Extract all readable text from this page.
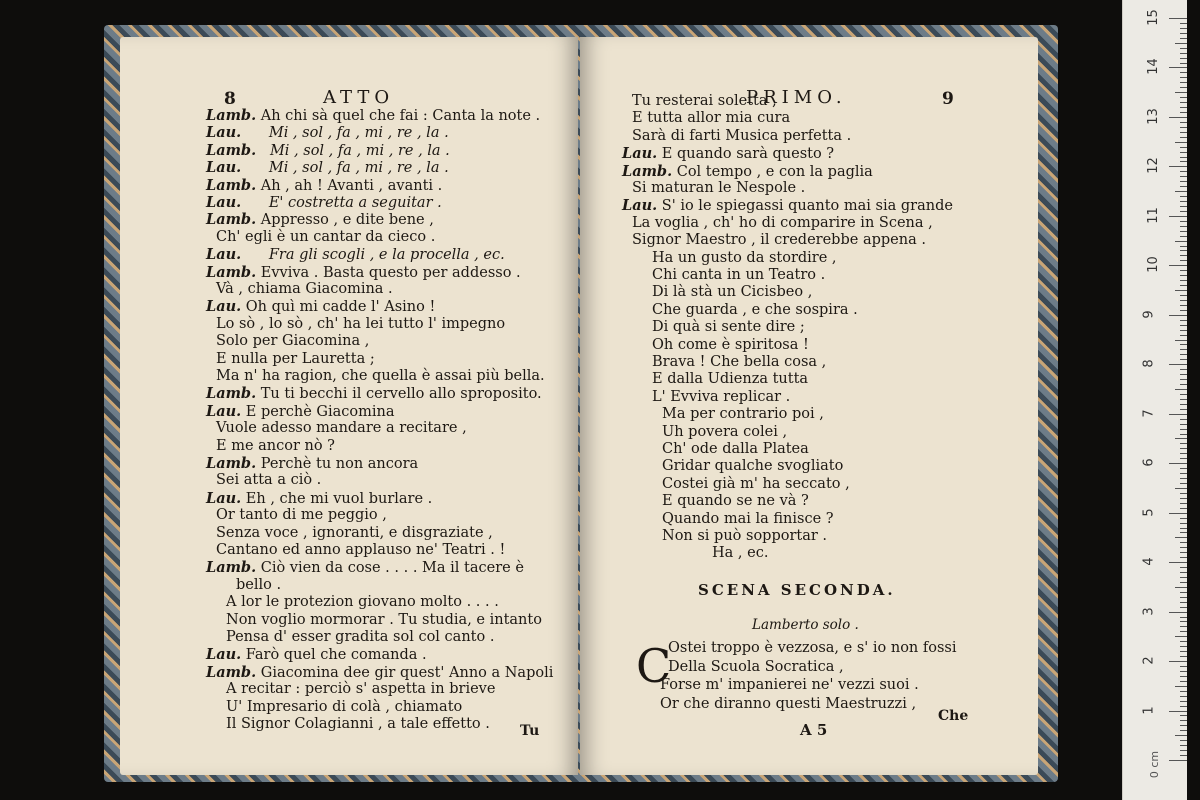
8	ATTO
Lamb. Ah chi sà quel che fai : Canta la note .
Lau.      Mi , sol , fa , mi , re , la .
Lamb.   Mi , sol , fa , mi , re , la .
Lau.      Mi , sol , fa , mi , re , la .
Lamb. Ah , ah ! Avanti , avanti .
Lau.      E' costretta a seguitar .
Lamb. Appresso , e dite bene ,
Ch' egli è un cantar da cieco .
Lau.      Fra gli scogli , e la procella , ec.
Lamb. Evviva . Basta questo per addesso .
Và , chiama Giacomina .
Lau. Oh quì mi cadde l' Asino !
Lo sò , lo sò , ch' ha lei tutto l' impegno
Solo per Giacomina ,
E nulla per Lauretta ;
Ma n' ha ragion, che quella è assai più bella.
Lamb. Tu ti becchi il cervello allo sproposito.
Lau. E perchè Giacomina
Vuole adesso mandare a recitare ,
E me ancor nò ?
Lamb. Perchè tu non ancora
Sei atta a ciò .
Lau. Eh , che mi vuol burlare .
Or tanto di me peggio ,
Senza voce , ignoranti, e disgraziate ,
Cantano ed anno applauso ne' Teatri . !
Lamb. Ciò vien da cose . . . . Ma il tacere è
bello .
A lor le protezion giovano molto . . . .
Non voglio mormorar . Tu studia, e intanto
Pensa d' esser gradita sol col canto .
Lau. Farò quel che comanda .
Lamb. Giacomina dee gir quest' Anno a Napoli
A recitar : perciò s' aspetta in brieve
U' Impresario di colà , chiamato
Il Signor Colagianni , a tale effetto . Tu
PRIMO.	9
Tu resterai soletta ,
E tutta allor mia cura
Sarà di farti Musica perfetta .
Lau. E quando sarà questo ?
Lamb. Col tempo , e con la paglia
Si maturan le Nespole .
Lau. S' io le spiegassi quanto mai sia grande
La voglia , ch' ho di comparire in Scena ,
Signor Maestro , il crederebbe appena .
Ha un gusto da stordire ,
Chi canta in un Teatro .
Di là stà un Cicisbeo ,
Che guarda , e che sospira .
Di quà si sente dire ;
Oh come è spiritosa !
Brava ! Che bella cosa ,
E dalla Udienza tutta
L' Evviva replicar .
Ma per contrario poi ,
Uh povera colei ,
Ch' ode dalla Platea
Gridar qualche svogliato
Costei già m' ha seccato ,
E quando se ne và ?
Quando mai la finisce ?
Non si può sopportar .
Ha , ec.
SCENA SECONDA.
Lamberto solo .
C
Ostei troppo è vezzosa, e s' io non fossi
Della Scuola Socratica ,
Forse m' impanierei ne' vezzi suoi .
Or che diranno questi Maestruzzi ,
A 5
Che
15
14
13
12
11
10
9
8
7
6
5
4
3
2
1
0 cm
